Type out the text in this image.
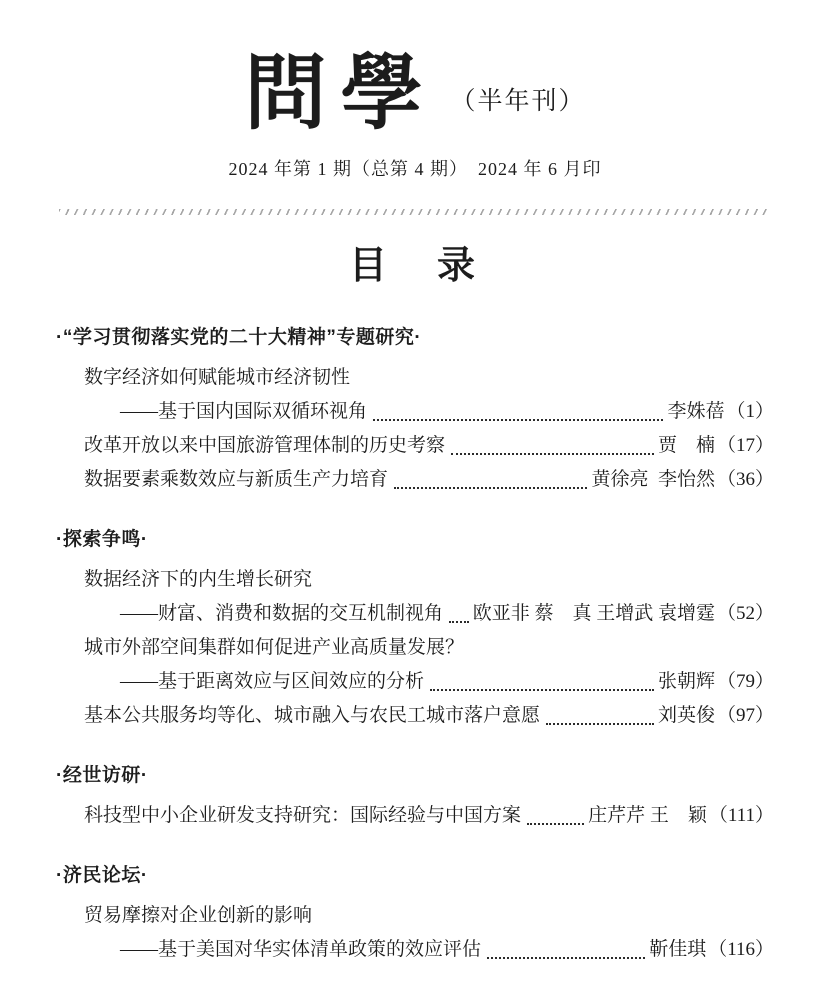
問學 （半年刊）
2024 年第 1 期（总第 4 期）　2024 年 6 月印
目　录
·“学习贯彻落实党的二十大精神”专题研究·
数字经济如何赋能城市经济韧性
——基于国内国际双循环视角	李姝蓓 （1）
改革开放以来中国旅游管理体制的历史考察	贾　楠 （17）
数据要素乘数效应与新质生产力培育	黄徐亮  李怡然 （36）
·探索争鸣·
数据经济下的内生增长研究
——财富、消费和数据的交互机制视角 欧亚非 蔡　真 王增武 袁增霆 （52）
城市外部空间集群如何促进产业高质量发展？
——基于距离效应与区间效应的分析	张朝辉 （79）
基本公共服务均等化、城市融入与农民工城市落户意愿	刘英俊 （97）
·经世访研·
科技型中小企业研发支持研究：国际经验与中国方案	庄芹芹 王　颖 （111）
·济民论坛·
贸易摩擦对企业创新的影响
——基于美国对华实体清单政策的效应评估	靳佳琪 （116）
